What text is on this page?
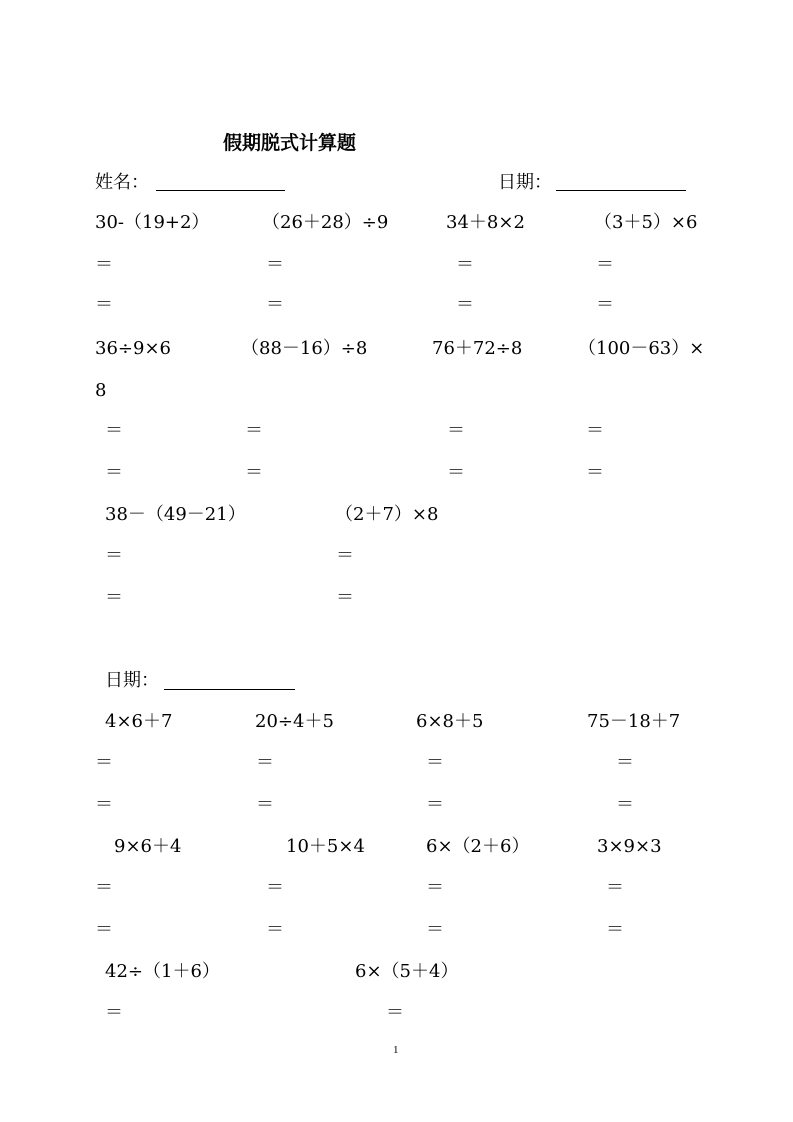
假期脱式计算题
姓名：	日期：
30-（19+2）	（26＋28）÷9	34＋8×2	（3＋5）×6
＝	＝	＝	＝
＝	＝	＝	＝
36÷9×6	（88－16）÷8	76＋72÷8	（100－63）×
8
＝	＝	＝	＝
＝	＝	＝	＝
38－（49－21）	（2＋7）×8
＝	＝
＝	＝
日期：
4×6＋7	20÷4＋5	6×8＋5	75－18＋7
＝	＝	＝	＝
＝	＝	＝	＝
9×6＋4	10＋5×4	6×（2＋6）	3×9×3
＝	＝	＝	＝
＝	＝	＝	＝
42÷（1＋6）	6×（5＋4）
＝	＝
1
